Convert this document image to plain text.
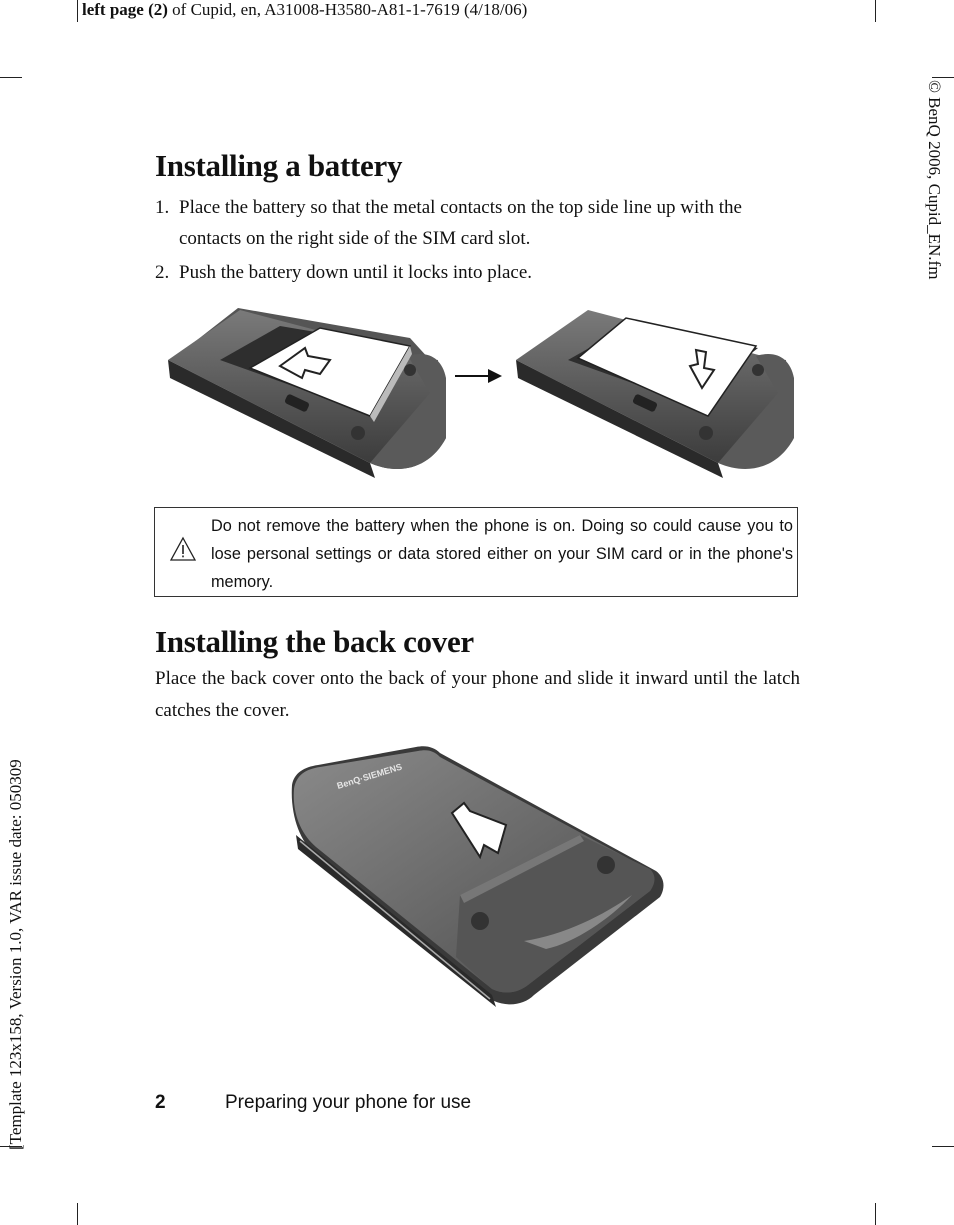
left page (2) of Cupid, en, A31008-H3580-A81-1-7619 (4/18/06)
© BenQ 2006, Cupid_EN.fm
[Template 123x158, Version 1.0, VAR issue date: 050309
Installing a battery
1. Place the battery so that the metal contacts on the top side line up with the contacts on the right side of the SIM card slot.
2. Push the battery down until it locks into place.
Do not remove the battery when the phone is on. Doing so could cause you to lose personal settings or data stored either on your SIM card or in the phone's memory.
Installing the back cover
Place the back cover onto the back of your phone and slide it inward until the latch catches the cover.
BenQ·SIEMENS
2	Preparing your phone for use
